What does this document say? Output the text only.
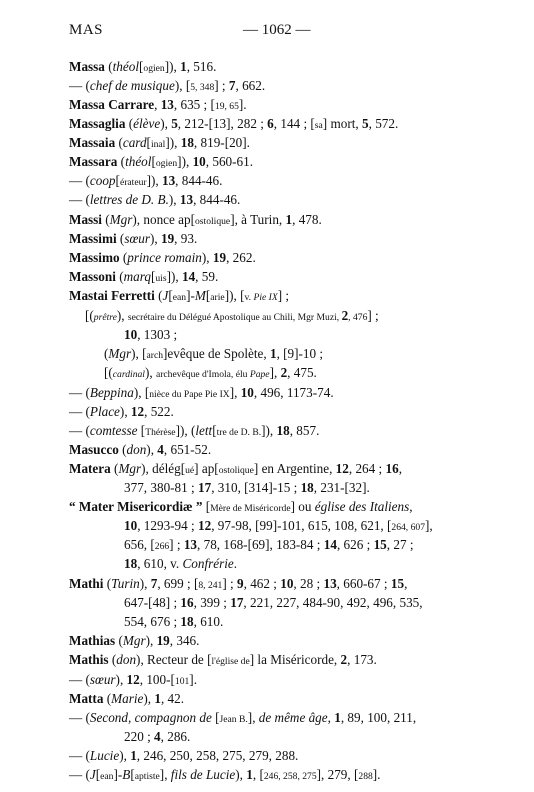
MAS	— 1062 —
Massa (théol[ogien]), 1, 516.
— (chef de musique), [5, 348] ; 7, 662.
Massa Carrare, 13, 635 ; [19, 65].
Massaglia (élève), 5, 212-[13], 282 ; 6, 144 ; [sa] mort, 5, 572.
Massaia (card[inal]), 18, 819-[20].
Massara (théol[ogien]), 10, 560-61.
— (coop[érateur]), 13, 844-46.
— (lettres de D. B.), 13, 844-46.
Massi (Mgr), nonce ap[ostolique], à Turin, 1, 478.
Massimi (sœur), 19, 93.
Massimo (prince romain), 19, 262.
Massoni (marq[uis]), 14, 59.
Mastai Ferretti (J[ean]-M[arie]), [v. Pie IX] ;
[(prêtre), secrétaire du Délégué Apostolique au Chili, Mgr Muzi, 2, 476] ;
10, 1303 ;
(Mgr), [arch]evêque de Spolète, 1, [9]-10 ;
[(cardinal), archevêque d'Imola, élu Pape], 2, 475.
— (Beppina), [nièce du Pape Pie IX], 10, 496, 1173-74.
— (Place), 12, 522.
— (comtesse [Thérèse]), (lett[tre de D. B.]), 18, 857.
Masucco (don), 4, 651-52.
Matera (Mgr), délég[ué] ap[ostolique] en Argentine, 12, 264 ; 16,
377, 380-81 ; 17, 310, [314]-15 ; 18, 231-[32].
“ Mater Misericordiæ ” [Mère de Miséricorde] ou église des Italiens,
10, 1293-94 ; 12, 97-98, [99]-101, 615, 108, 621, [264, 607],
656, [266] ; 13, 78, 168-[69], 183-84 ; 14, 626 ; 15, 27 ;
18, 610, v. Confrérie.
Mathi (Turin), 7, 699 ; [8, 241] ; 9, 462 ; 10, 28 ; 13, 660-67 ; 15,
647-[48] ; 16, 399 ; 17, 221, 227, 484-90, 492, 496, 535,
554, 676 ; 18, 610.
Mathias (Mgr), 19, 346.
Mathis (don), Recteur de [l'église de] la Miséricorde, 2, 173.
— (sœur), 12, 100-[101].
Matta (Marie), 1, 42.
— (Second, compagnon de [Jean B.], de même âge, 1, 89, 100, 211,
220 ; 4, 286.
— (Lucie), 1, 246, 250, 258, 275, 279, 288.
— (J[ean]-B[aptiste], fils de Lucie), 1, [246, 258, 275], 279, [288].
